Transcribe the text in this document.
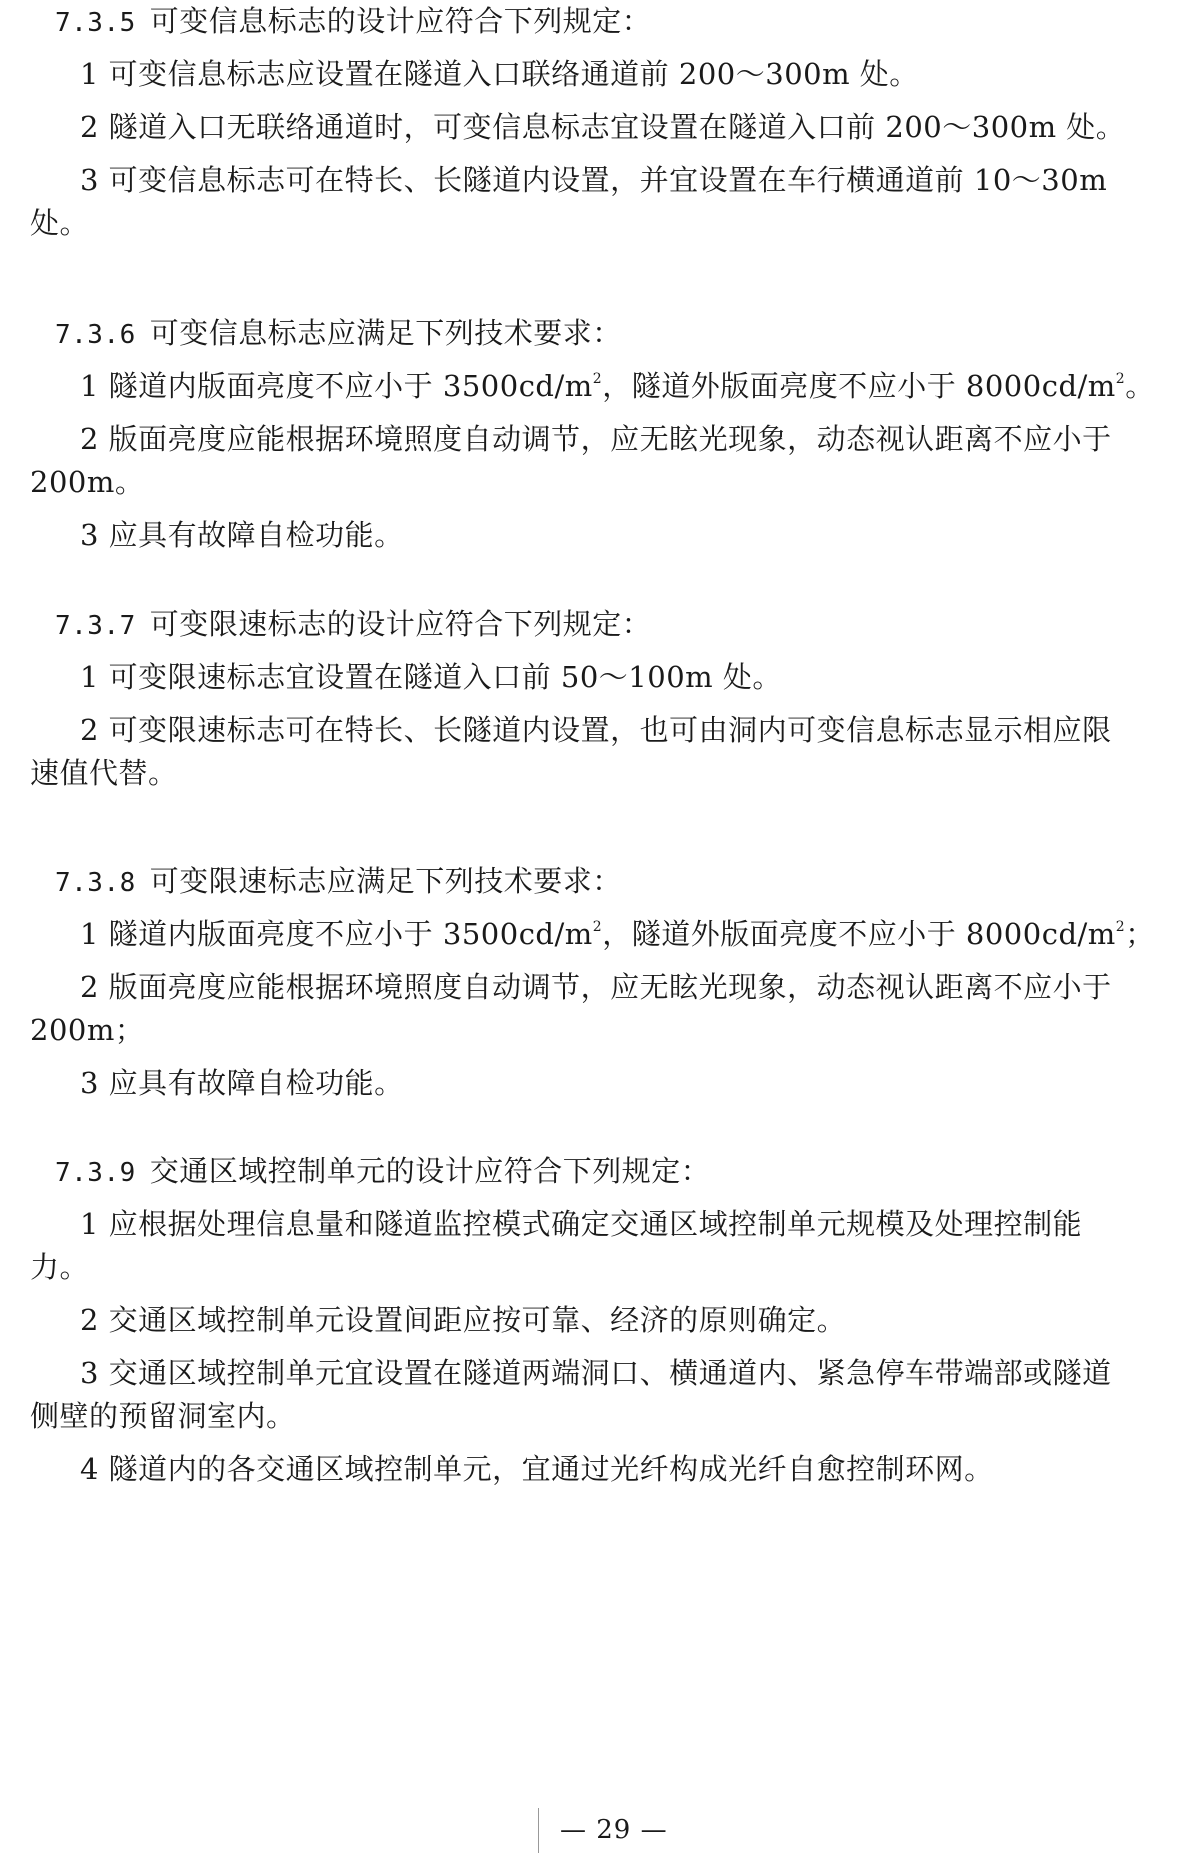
7.3.5 可变信息标志的设计应符合下列规定：
1 可变信息标志应设置在隧道入口联络通道前 200～300m 处。
2 隧道入口无联络通道时，可变信息标志宜设置在隧道入口前 200～300m 处。
3 可变信息标志可在特长、长隧道内设置，并宜设置在车行横通道前 10～30m
处。
7.3.6 可变信息标志应满足下列技术要求：
1 隧道内版面亮度不应小于 $3500cd/m^2$，隧道外版面亮度不应小于 $8000cd/m^2$。
2 版面亮度应能根据环境照度自动调节，应无眩光现象，动态视认距离不应小于
200m。
3 应具有故障自检功能。
7.3.7 可变限速标志的设计应符合下列规定：
1 可变限速标志宜设置在隧道入口前 50～100m 处。
2 可变限速标志可在特长、长隧道内设置，也可由洞内可变信息标志显示相应限
速值代替。
7.3.8 可变限速标志应满足下列技术要求：
1 隧道内版面亮度不应小于 $3500cd/m^2$，隧道外版面亮度不应小于 $8000cd/m^2$；
2 版面亮度应能根据环境照度自动调节，应无眩光现象，动态视认距离不应小于
200m；
3 应具有故障自检功能。
7.3.9 交通区域控制单元的设计应符合下列规定：
1 应根据处理信息量和隧道监控模式确定交通区域控制单元规模及处理控制能
力。
2 交通区域控制单元设置间距应按可靠、经济的原则确定。
3 交通区域控制单元宜设置在隧道两端洞口、横通道内、紧急停车带端部或隧道
侧壁的预留洞室内。
4 隧道内的各交通区域控制单元，宜通过光纤构成光纤自愈控制环网。
— 29 —
